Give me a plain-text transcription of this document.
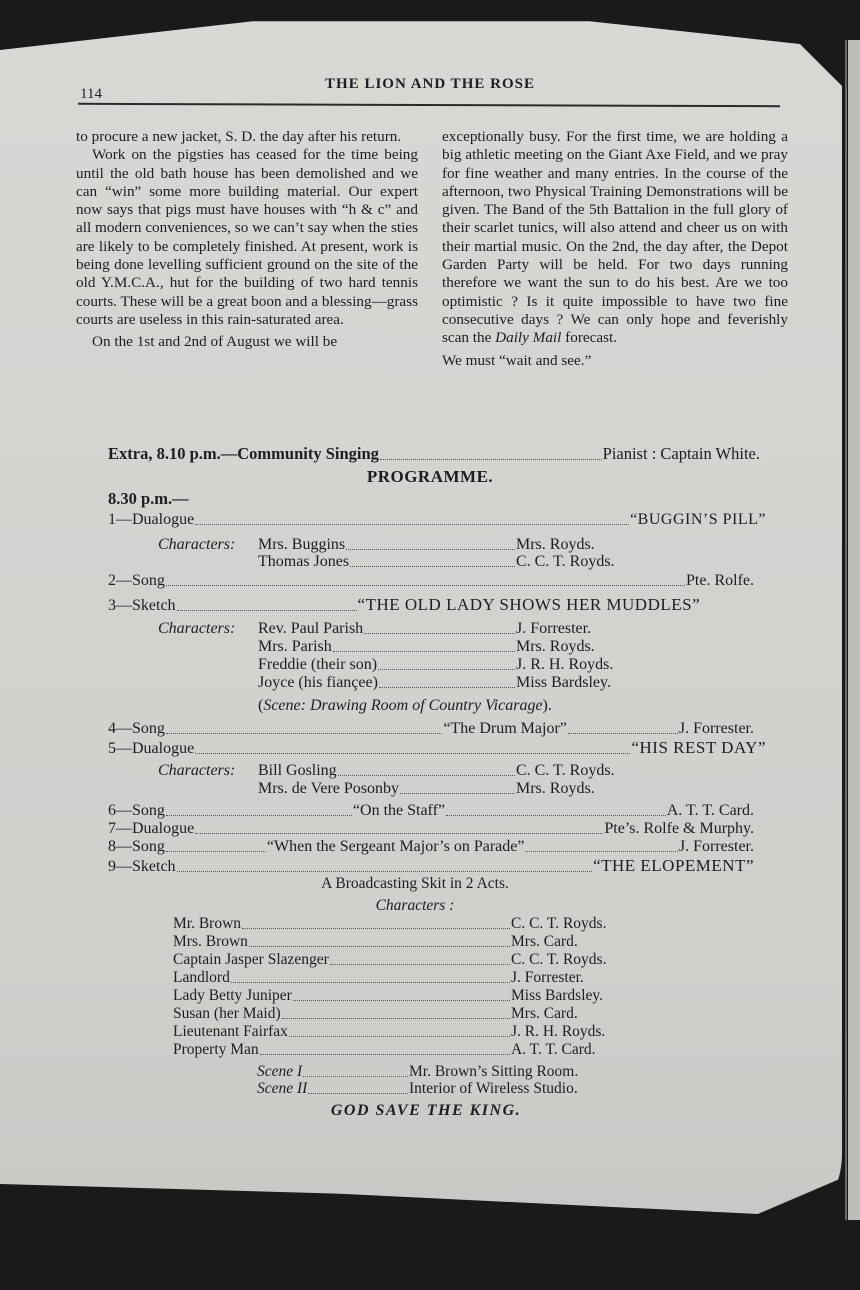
114
THE LION AND THE ROSE

to procure a new jacket, S. D. the day after his return.

Work on the pigsties has ceased for the time being until the old bath house has been demolished and we can “win” some more building material. Our expert now says that pigs must have houses with “h & c” and all modern conveniences, so we can’t say when the sties are likely to be completely finished. At present, work is being done levelling sufficient ground on the site of the old Y.M.C.A., hut for the building of two hard tennis courts. These will be a great boon and a blessing—grass courts are useless in this rain-saturated area.

On the 1st and 2nd of August we will be

exceptionally busy. For the first time, we are holding a big athletic meeting on the Giant Axe Field, and we pray for fine weather and many entries. In the course of the afternoon, two Physical Training Demonstrations will be given. The Band of the 5th Battalion in the full glory of their scarlet tunics, will also attend and cheer us on with their martial music. On the 2nd, the day after, the Depot Garden Party will be held. For two days running therefore we want the sun to do his best. Are we too optimistic ? Is it quite impossible to have two fine consecutive days ? We can only hope and feverishly scan the Daily Mail forecast.

We must “wait and see.”

Extra, 8.10 p.m.—Community Singing	Pianist : Captain White.
PROGRAMME.
8.30 p.m.—
1—Dualogue	“BUGGIN’S PILL”
Characters: Mrs. Buggins	Mrs. Royds.
Thomas Jones	C. C. T. Royds.
2—Song	Pte. Rolfe.
3—Sketch	“THE OLD LADY SHOWS HER MUDDLES”
Characters: Rev. Paul Parish	J. Forrester.
Mrs. Parish	Mrs. Royds.
Freddie (their son)	J. R. H. Royds.
Joyce (his fiançee)	Miss Bardsley.
( Scene: Drawing Room of Country Vicarage ).
4—Song	“The Drum Major”	J. Forrester.
5—Dualogue	“HIS REST DAY”
Characters: Bill Gosling	C. C. T. Royds.
Mrs. de Vere Posonby	Mrs. Royds.
6—Song	“On the Staff”	A. T. T. Card.
7—Dualogue	Pte’s. Rolfe & Murphy.
8—Song	“When the Sergeant Major’s on Parade”	J. Forrester.
9—Sketch	“THE ELOPEMENT”
A Broadcasting Skit in 2 Acts.
Characters :
Mr. Brown	C. C. T. Royds.
Mrs. Brown	Mrs. Card.
Captain Jasper Slazenger	C. C. T. Royds.
Landlord	J. Forrester.
Lady Betty Juniper	Miss Bardsley.
Susan (her Maid)	Mrs. Card.
Lieutenant Fairfax	J. R. H. Royds.
Property Man	A. T. T. Card.
Scene I	Mr. Brown’s Sitting Room.
Scene II	Interior of Wireless Studio.
GOD SAVE THE KING.
